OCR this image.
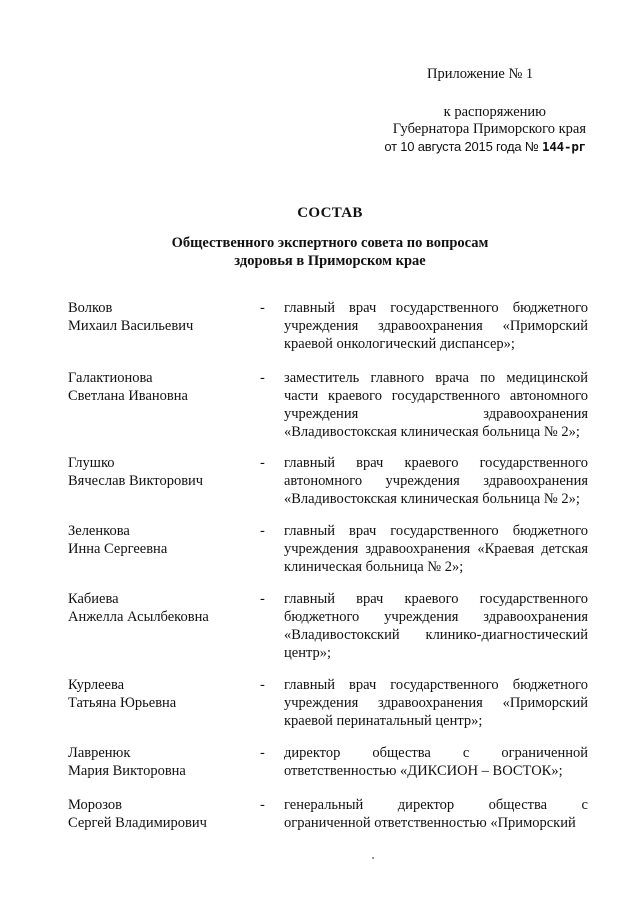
Приложение № 1
к распоряжению
Губернатора Приморского края
от 10 августа 2015 года № 144-рг
СОСТАВ
Общественного экспертного совета по вопросам
здоровья в Приморском крае
Волков
Михаил Васильевич
- главный врач государственного бюджетного
учреждения здравоохранения «Приморский
краевой онкологический диспансер»;
Галактионова
Светлана Ивановна
- заместитель главного врача по медицинской
части краевого государственного автономного
учреждения здравоохранения
«Владивостокская клиническая больница № 2»;
Глушко
Вячеслав Викторович
- главный врач краевого государственного
автономного учреждения здравоохранения
«Владивостокская клиническая больница № 2»;
Зеленкова
Инна Сергеевна
- главный врач государственного бюджетного
учреждения здравоохранения «Краевая детская
клиническая больница № 2»;
Кабиева
Анжелла Асылбековна
- главный врач краевого государственного
бюджетного учреждения здравоохранения
«Владивостокский клинико-диагностический
центр»;
Курлеева
Татьяна Юрьевна
- главный врач государственного бюджетного
учреждения здравоохранения «Приморский
краевой перинатальный центр»;
Лавренюк
Мария Викторовна
- директор общества с ограниченной
ответственностью «ДИКСИОН – ВОСТОК»;
Морозов
Сергей Владимирович
- генеральный директор общества с
ограниченной ответственностью «Приморский
